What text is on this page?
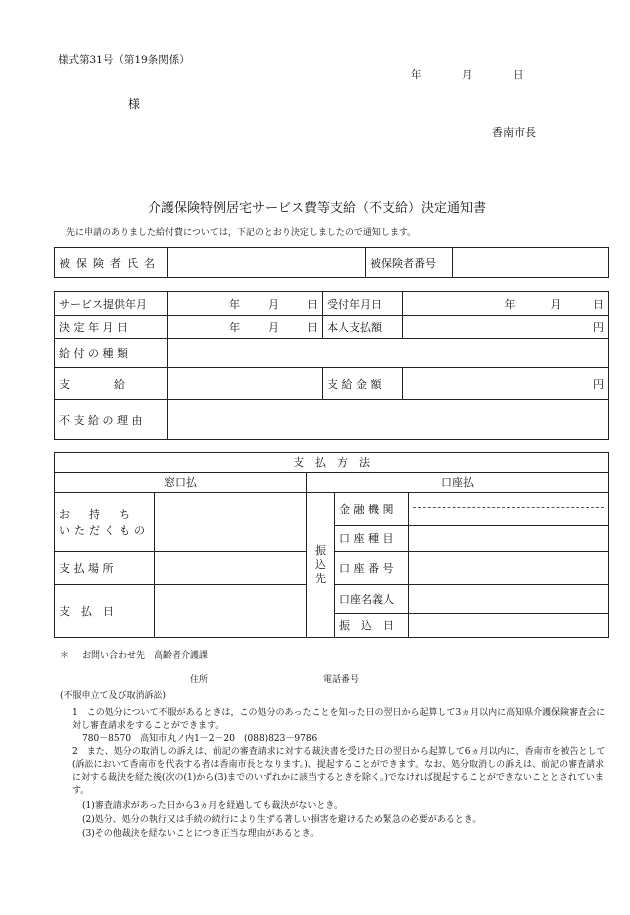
様式第31号（第19条関係）
年	月	日
様
香南市長
介護保険特例居宅サービス費等支給（不支給）決定通知書
先に申請のありました給付費については，下記のとおり決定しましたので通知します。
被保険者氏名		被保険者番号	
サービス提供年月	年 月 日	受付年月日	年 月 日
決 定 年 月 日	年 月 日	本人支払額	円
給 付 の 種 類			
支　　　　給		支 給 金 額	円
不 支 給 の 理 由			
支　払　方　法				
窓口払		口座払		

お　持　ち
いただくもの		振込先	金 融 機 関	

			口 座 種 目	
支 払 場 所			口 座 番 号	
支　払　日			口座名義人	
			振　込　日	
＊ お問い合わせ先　高齢者介護課
住所	電話番号
(不服申立て及び取消訴訟)
1　この処分について不服があるときは，この処分のあったことを知った日の翌日から起算して3ヵ月以内に高知県介護保険審査会に対し審査請求をすることができます。
780－8570　高知市丸ノ内1－2－20　(088)823－9786
2　また、処分の取消しの訴えは、前記の審査請求に対する裁決書を受けた日の翌日から起算して6ヵ月以内に、香南市を被告として(訴訟において香南市を代表する者は香南市長となります。)、提起することができます。なお、処分取消しの訴えは、前記の審査請求に対する裁決を経た後(次の(1)から(3)までのいずれかに該当するときを除く。)でなければ提起することができないこととされています。
(1)審査請求があった日から3ヵ月を経過しても裁決がないとき。
(2)処分、処分の執行又は手続の続行により生ずる著しい損害を避けるため緊急の必要があるとき。
(3)その他裁決を経ないことにつき正当な理由があるとき。
